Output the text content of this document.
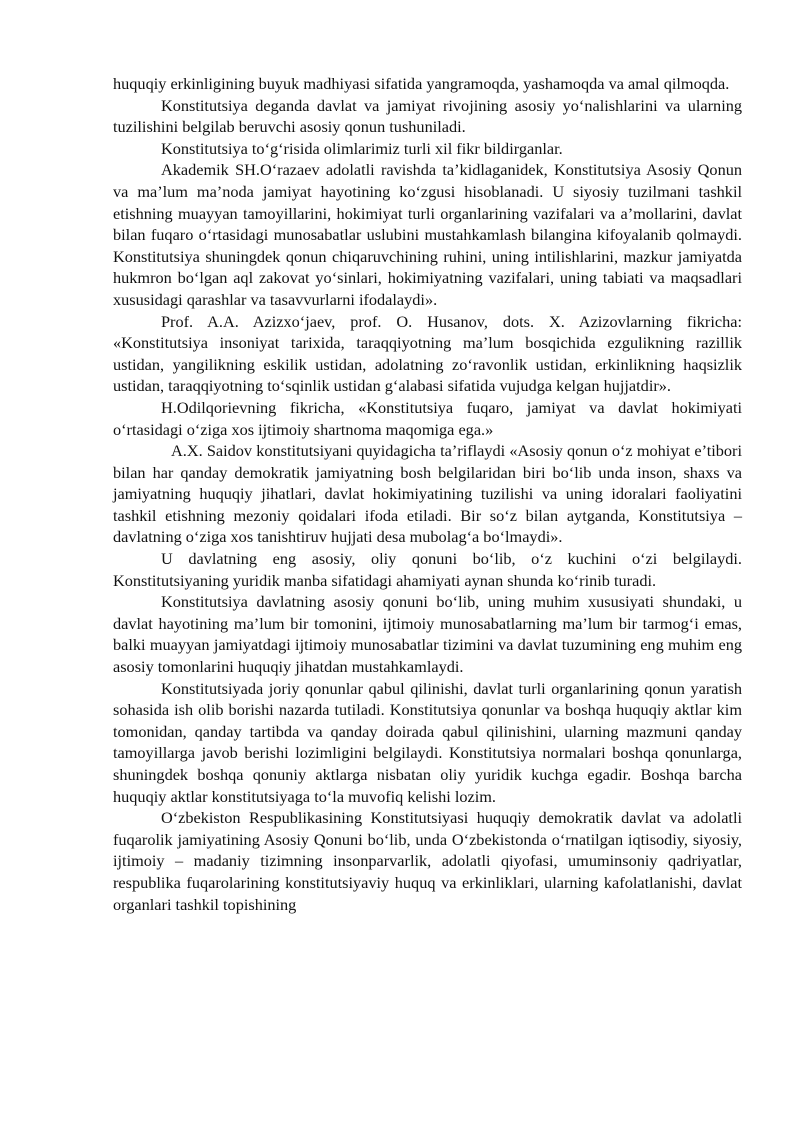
huquqiy erkinligining buyuk madhiyasi sifatida yangramoqda, yashamoqda va amal qilmoqda.

Konstitutsiya deganda davlat va jamiyat rivojining asosiy yo‘nalishlarini va ularning tuzilishini belgilab beruvchi asosiy qonun tushuniladi.

Konstitutsiya to‘g‘risida olimlarimiz turli xil fikr bildirganlar.

Akademik SH.O‘razaev adolatli ravishda ta’kidlaganidek, Konstitutsiya Asosiy Qonun va ma’lum ma’noda jamiyat hayotining ko‘zgusi hisoblanadi. U siyosiy tuzilmani tashkil etishning muayyan tamoyillarini, hokimiyat turli organlarining vazifalari va a’mollarini, davlat bilan fuqaro o‘rtasidagi munosabatlar uslubini mustahkamlash bilangina kifoyalanib qolmaydi. Konstitutsiya shuningdek qonun chiqaruvchining ruhini, uning intilishlarini, mazkur jamiyatda hukmron bo‘lgan aql zakovat yo‘sinlari, hokimiyatning vazifalari, uning tabiati va maqsadlari xususidagi qarashlar va tasavvurlarni ifodalaydi».

Prof. A.A. Azizxo‘jaev, prof. O. Husanov, dots. X. Azizovlarning fikricha: «Konstitutsiya insoniyat tarixida, taraqqiyotning ma’lum bosqichida ezgulikning razillik ustidan, yangilikning eskilik ustidan, adolatning zo‘ravonlik ustidan, erkinlikning haqsizlik ustidan, taraqqiyotning to‘sqinlik ustidan g‘alabasi sifatida vujudga kelgan hujjatdir».

H.Odilqorievning fikricha, «Konstitutsiya fuqaro, jamiyat va davlat hokimiyati o‘rtasidagi o‘ziga xos ijtimoiy shartnoma maqomiga ega.»

A.X. Saidov konstitutsiyani quyidagicha ta’riflaydi «Asosiy qonun o‘z mohiyat e’tibori bilan har qanday demokratik jamiyatning bosh belgilaridan biri bo‘lib unda inson, shaxs va jamiyatning huquqiy jihatlari, davlat hokimiyatining tuzilishi va uning idoralari faoliyatini tashkil etishning mezoniy qoidalari ifoda etiladi. Bir so‘z bilan aytganda, Konstitutsiya – davlatning o‘ziga xos tanishtiruv hujjati desa mubolag‘a bo‘lmaydi».

U davlatning eng asosiy, oliy qonuni bo‘lib, o‘z kuchini o‘zi belgilaydi. Konstitutsiyaning yuridik manba sifatidagi ahamiyati aynan shunda ko‘rinib turadi.

Konstitutsiya davlatning asosiy qonuni bo‘lib, uning muhim xususiyati shundaki, u davlat hayotining ma’lum bir tomonini, ijtimoiy munosabatlarning ma’lum bir tarmog‘i emas, balki muayyan jamiyatdagi ijtimoiy munosabatlar tizimini va davlat tuzumining eng muhim eng asosiy tomonlarini huquqiy jihatdan mustahkamlaydi.

Konstitutsiyada joriy qonunlar qabul qilinishi, davlat turli organlarining qonun yaratish sohasida ish olib borishi nazarda tutiladi. Konstitutsiya qonunlar va boshqa huquqiy aktlar kim tomonidan, qanday tartibda va qanday doirada qabul qilinishini, ularning mazmuni qanday tamoyillarga javob berishi lozimligini belgilaydi. Konstitutsiya normalari boshqa qonunlarga, shuningdek boshqa qonuniy aktlarga nisbatan oliy yuridik kuchga egadir. Boshqa barcha huquqiy aktlar konstitutsiyaga to‘la muvofiq kelishi lozim.

O‘zbekiston Respublikasining Konstitutsiyasi huquqiy demokratik davlat va adolatli fuqarolik jamiyatining Asosiy Qonuni bo‘lib, unda O‘zbekistonda o‘rnatilgan iqtisodiy, siyosiy, ijtimoiy – madaniy tizimning insonparvarlik, adolatli qiyofasi, umuminsoniy qadriyatlar, respublika fuqarolarining konstitutsiyaviy huquq va erkinliklari, ularning kafolatlanishi, davlat organlari tashkil topishining
